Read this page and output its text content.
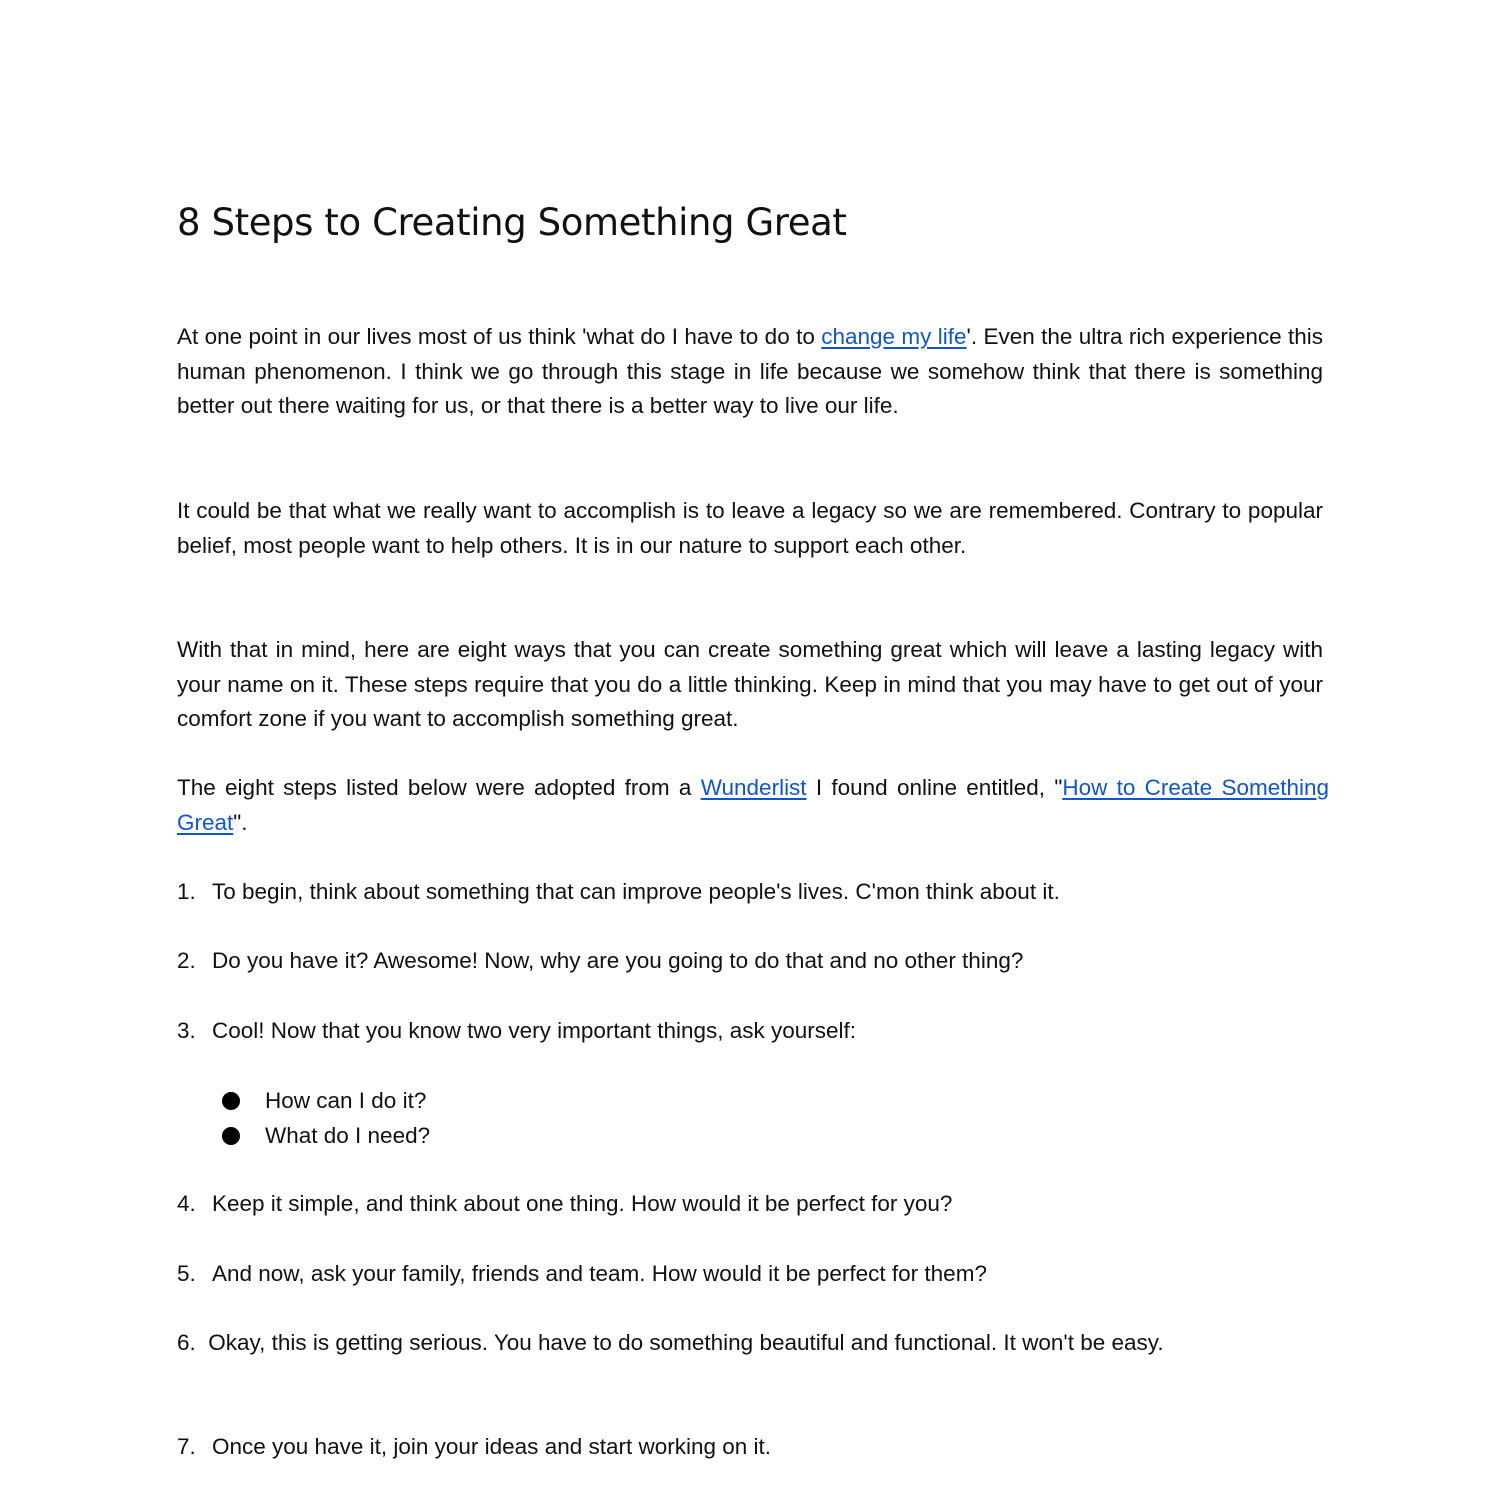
8 Steps to Creating Something Great

At one point in our lives most of us think 'what do I have to do to change my life'. Even the ultra rich experience this human phenomenon. I think we go through this stage in life because we somehow think that there is something better out there waiting for us, or that there is a better way to live our life.

It could be that what we really want to accomplish is to leave a legacy so we are remembered. Contrary to popular belief, most people want to help others. It is in our nature to support each other.

With that in mind, here are eight ways that you can create something great which will leave a lasting legacy with your name on it. These steps require that you do a little thinking. Keep in mind that you may have to get out of your comfort zone if you want to accomplish something great.

The eight steps listed below were adopted from a Wunderlist I found online entitled, "How to Create Something Great".

1. To begin, think about something that can improve people's lives. C'mon think about it.

2. Do you have it? Awesome! Now, why are you going to do that and no other thing?

3. Cool! Now that you know two very important things, ask yourself:

How can I do it?
What do I need?

4. Keep it simple, and think about one thing. How would it be perfect for you?

5. And now, ask your family, friends and team. How would it be perfect for them?

6.  Okay, this is getting serious. You have to do something beautiful and functional. It won't be easy.

7. Once you have it, join your ideas and start working on it.
